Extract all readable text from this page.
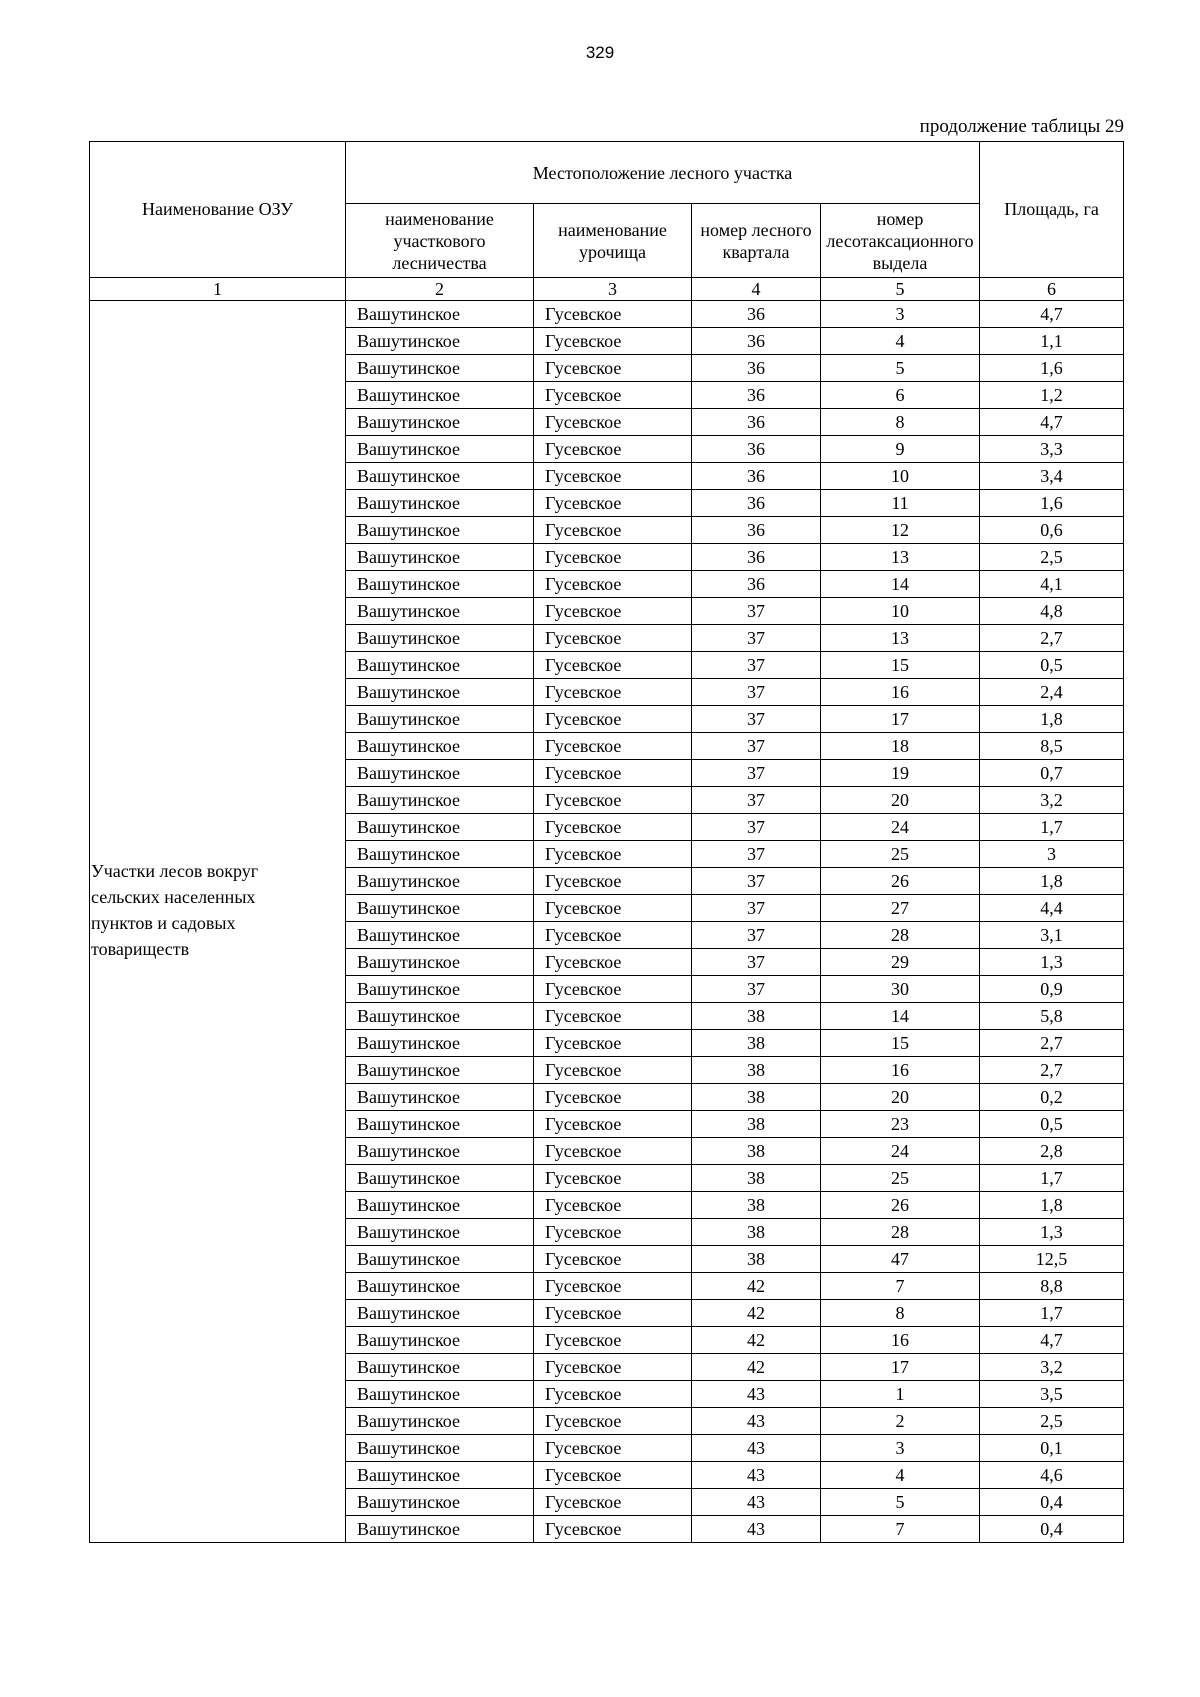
329
продолжение таблицы 29
Наименование ОЗУ	Местоположение лесного участка				Площадь, га
	наименование участкового лесничества	наименование урочища	номер лесного квартала	номер лесотаксационного выдела	
1	2	3	4	5	6

Участки лесов вокруг сельских населенных пунктов и садовых товариществ	Вашутинское	Гусевское	36	3	4,7
	Вашутинское	Гусевское	36	4	1,1
	Вашутинское	Гусевское	36	5	1,6
	Вашутинское	Гусевское	36	6	1,2
	Вашутинское	Гусевское	36	8	4,7
	Вашутинское	Гусевское	36	9	3,3
	Вашутинское	Гусевское	36	10	3,4
	Вашутинское	Гусевское	36	11	1,6
	Вашутинское	Гусевское	36	12	0,6
	Вашутинское	Гусевское	36	13	2,5
	Вашутинское	Гусевское	36	14	4,1
	Вашутинское	Гусевское	37	10	4,8
	Вашутинское	Гусевское	37	13	2,7
	Вашутинское	Гусевское	37	15	0,5
	Вашутинское	Гусевское	37	16	2,4
	Вашутинское	Гусевское	37	17	1,8
	Вашутинское	Гусевское	37	18	8,5
	Вашутинское	Гусевское	37	19	0,7
	Вашутинское	Гусевское	37	20	3,2
	Вашутинское	Гусевское	37	24	1,7
	Вашутинское	Гусевское	37	25	3
	Вашутинское	Гусевское	37	26	1,8
	Вашутинское	Гусевское	37	27	4,4
	Вашутинское	Гусевское	37	28	3,1
	Вашутинское	Гусевское	37	29	1,3
	Вашутинское	Гусевское	37	30	0,9
	Вашутинское	Гусевское	38	14	5,8
	Вашутинское	Гусевское	38	15	2,7
	Вашутинское	Гусевское	38	16	2,7
	Вашутинское	Гусевское	38	20	0,2
	Вашутинское	Гусевское	38	23	0,5
	Вашутинское	Гусевское	38	24	2,8
	Вашутинское	Гусевское	38	25	1,7
	Вашутинское	Гусевское	38	26	1,8
	Вашутинское	Гусевское	38	28	1,3
	Вашутинское	Гусевское	38	47	12,5
	Вашутинское	Гусевское	42	7	8,8
	Вашутинское	Гусевское	42	8	1,7
	Вашутинское	Гусевское	42	16	4,7
	Вашутинское	Гусевское	42	17	3,2
	Вашутинское	Гусевское	43	1	3,5
	Вашутинское	Гусевское	43	2	2,5
	Вашутинское	Гусевское	43	3	0,1
	Вашутинское	Гусевское	43	4	4,6
	Вашутинское	Гусевское	43	5	0,4
	Вашутинское	Гусевское	43	7	0,4
